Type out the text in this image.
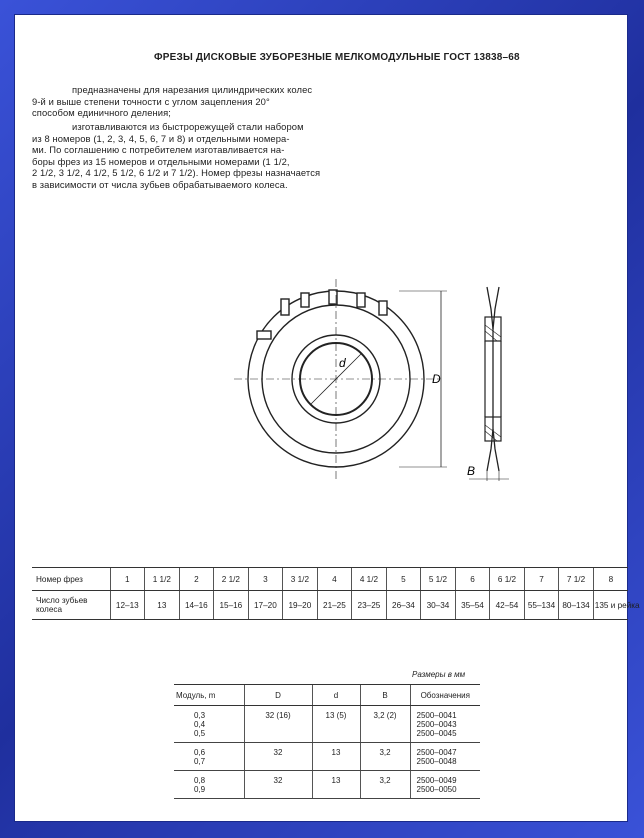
ФРЕЗЫ ДИСКОВЫЕ ЗУБОРЕЗНЫЕ МЕЛКОМОДУЛЬНЫЕ ГОСТ 13838–68
предназначены для нарезания цилиндрических колес
9-й и выше степени точности с углом зацепления 20°
способом единичного деления;
изготавливаются из быстрорежущей стали набором
из 8 номеров (1, 2, 3, 4, 5, 6, 7 и 8) и отдельными номера-
ми. По соглашению с потребителем изготавливается на-
боры фрез из 15 номеров и отдельными номерами (1 1/2,
2 1/2, 3 1/2, 4 1/2, 5 1/2, 6 1/2 и 7 1/2). Номер фрезы назначается
в зависимости от числа зубьев обрабатываемого колеса.
d
D
B
Номер фрез	1	1 1/2	2	2 1/2	3	3 1/2	4	4 1/2	5	5 1/2	6	6 1/2	7	7 1/2	8
Число зубьев колеса	12–13	13	14–16	15–16	17–20	19–20	21–25	23–25	26–34	30–34	35–54	42–54	55–134	80–134	135 и рейка
Размеры в мм
Модуль, m	D	d	B	Обозначения

0,3
0,4
0,5	32 (16)	13 (5)	3,2 (2)	2500–0041
2500–0043
2500–0045

0,6
0,7	32	13	3,2	2500–0047
2500–0048

0,8
0,9	32	13	3,2	2500–0049
2500–0050
